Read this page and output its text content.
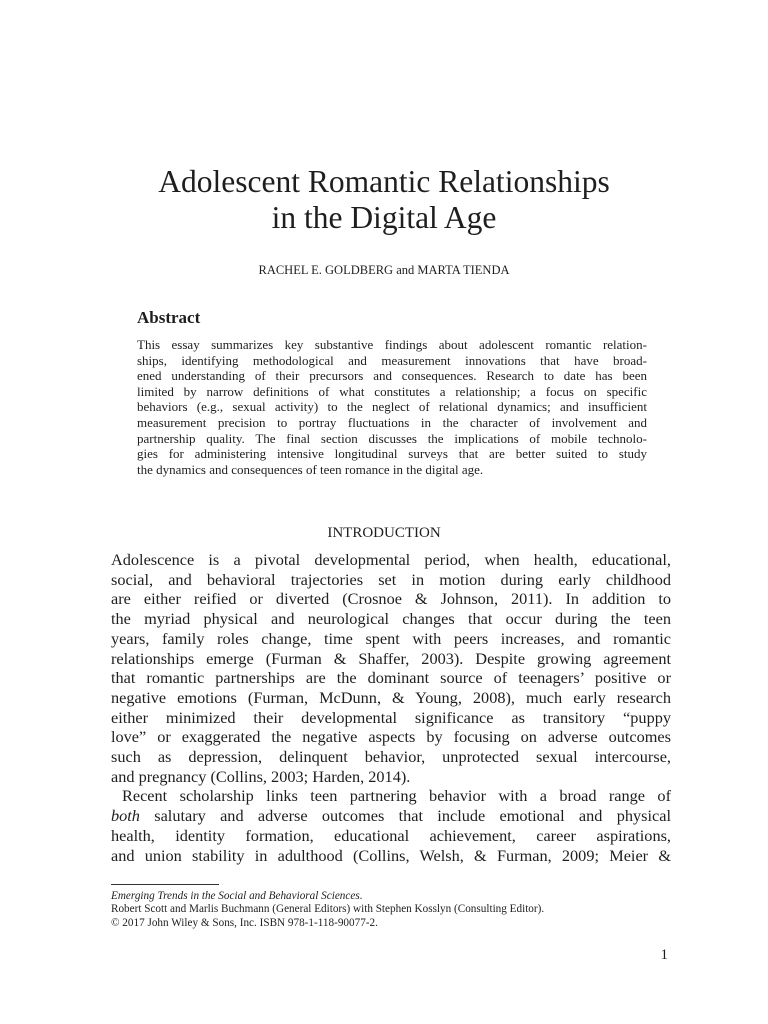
Adolescent Romantic Relationships
in the Digital Age

RACHEL E. GOLDBERG and MARTA TIENDA

Abstract
This essay summarizes key substantive findings about adolescent romantic relation-
ships, identifying methodological and measurement innovations that have broad-
ened understanding of their precursors and consequences. Research to date has been
limited by narrow definitions of what constitutes a relationship; a focus on specific
behaviors (e.g., sexual activity) to the neglect of relational dynamics; and insufficient
measurement precision to portray fluctuations in the character of involvement and
partnership quality. The final section discusses the implications of mobile technolo-
gies for administering intensive longitudinal surveys that are better suited to study
the dynamics and consequences of teen romance in the digital age.
INTRODUCTION
Adolescence is a pivotal developmental period, when health, educational,
social, and behavioral trajectories set in motion during early childhood
are either reified or diverted (Crosnoe & Johnson, 2011). In addition to
the myriad physical and neurological changes that occur during the teen
years, family roles change, time spent with peers increases, and romantic
relationships emerge (Furman & Shaffer, 2003). Despite growing agreement
that romantic partnerships are the dominant source of teenagers’ positive or
negative emotions (Furman, McDunn, & Young, 2008), much early research
either minimized their developmental significance as transitory “puppy
love” or exaggerated the negative aspects by focusing on adverse outcomes
such as depression, delinquent behavior, unprotected sexual intercourse,
and pregnancy (Collins, 2003; Harden, 2014).
Recent scholarship links teen partnering behavior with a broad range of
both salutary and adverse outcomes that include emotional and physical
health, identity formation, educational achievement, career aspirations,
and union stability in adulthood (Collins, Welsh, & Furman, 2009; Meier &
Emerging Trends in the Social and Behavioral Sciences.
Robert Scott and Marlis Buchmann (General Editors) with Stephen Kosslyn (Consulting Editor).
© 2017 John Wiley & Sons, Inc. ISBN 978-1-118-90077-2.
1
